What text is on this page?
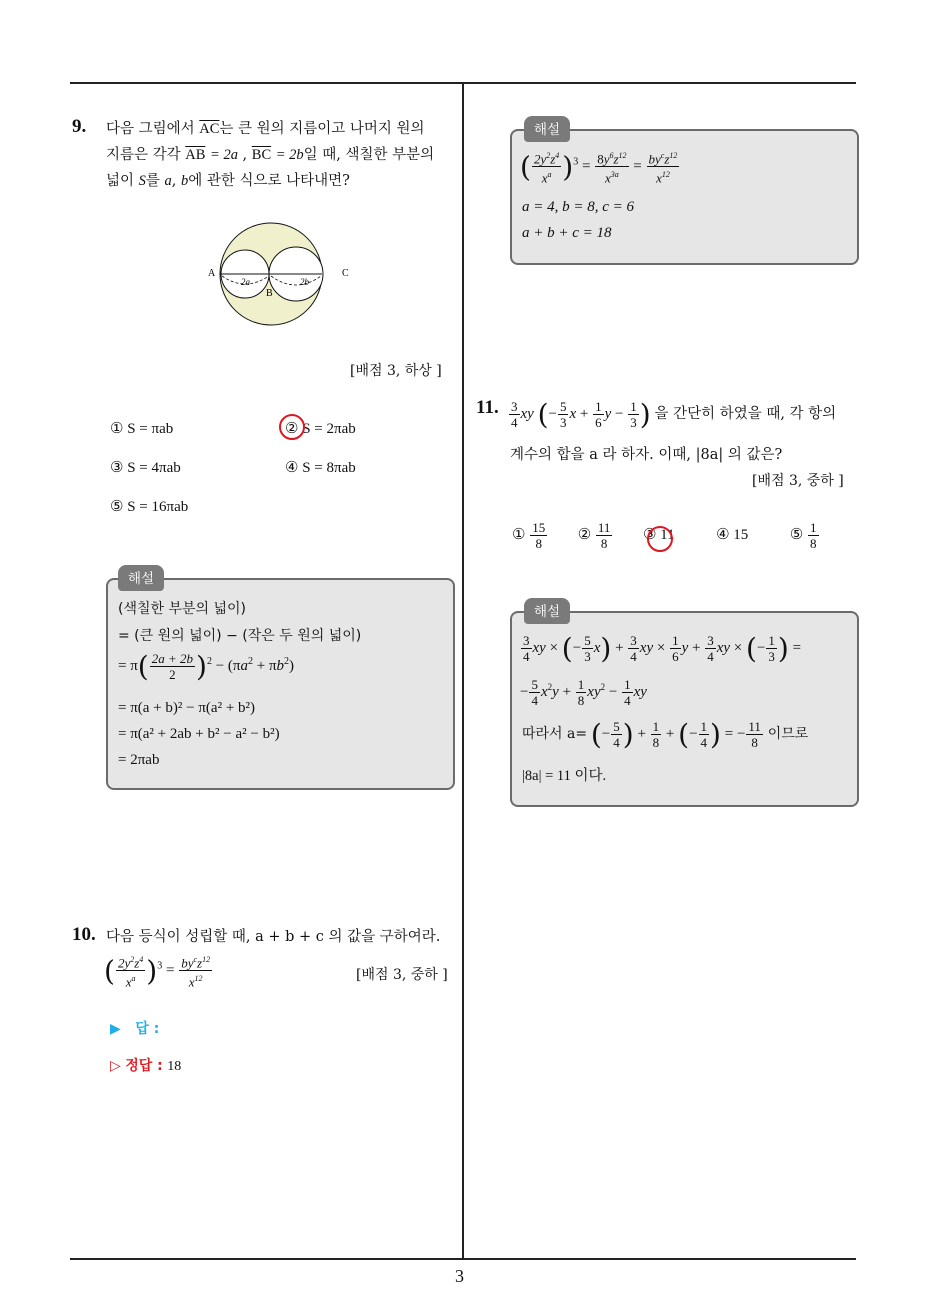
3
9. 다음 그림에서 $\overline{AC}$는 큰 원의 지름이고 나머지 원의
지름은 각각 $\overline{AB} = 2a$ , $\overline{BC} = 2b$일 때, 색칠한 부분의
넓이 S를 a, b에 관한 식으로 나타내면?
A
B
C
2a	2b
[배점 3, 하상 ]
① S = πab	② S = 2πab
③ S = 4πab	④ S = 8πab
⑤ S = 16πab
해설
(색칠한 부분의 넓이)
= (큰 원의 넓이) − (작은 두 원의 넓이)
= $\pi( \frac{2a + 2b}{2} )^2 - (\pi a^2 + \pi b^2)$
= π(a + b)² − π(a² + b²)
= π(a² + 2ab + b² − a² − b²)
= 2πab
10. 다음 등식이 성립할 때, a + b + c 의 값을 구하여라.
( $\frac{2y^2z^4}{x^a} )^3 = \frac{by^cz^{12}}{x^{12}}$	[배점 3, 중하 ]
▶ 답 :
▷ 정답 : 18
해설
( $\frac{2y^2z^4}{x^a} )^3 = \frac{8y^6z^{12}}{x^{3a}} = \frac{by^cz^{12}}{x^{12}}$
a = 4, b = 8, c = 6
a + b + c = 18
11. $\frac{3}{4}$ xy (− $\frac{5}{3}$ $x + \frac{1}{6}$ $y - \frac{1}{3}$ ) 을 간단히 하였을 때, 각 항의
계수의 합을 a 라 하자. 이때, |8a| 의 값은?
[배점 3, 중하 ]
① $\frac{15}{8}$ ② $\frac{11}{8}$ ③ 11	④ 15	⑤ $\frac{1}{8}$
해설
$\frac{3}{4}$ xy × (− $\frac{5}{3} x) + \frac{3}{4}$ xy × $\frac{1}{6}$ $y + \frac{3}{4}$ xy × (− $\frac{1}{3}$ ) =
− $\frac{5}{4} x^2y + \frac{1}{8} xy^2 - \frac{1}{4}$ xy
따라서 a= (− $\frac{5}{4}$ ) + $\frac{1}{8}$ + (− $\frac{1}{4}$ ) = − $\frac{11}{8}$ 이므로
|8a| = 11 이다.
